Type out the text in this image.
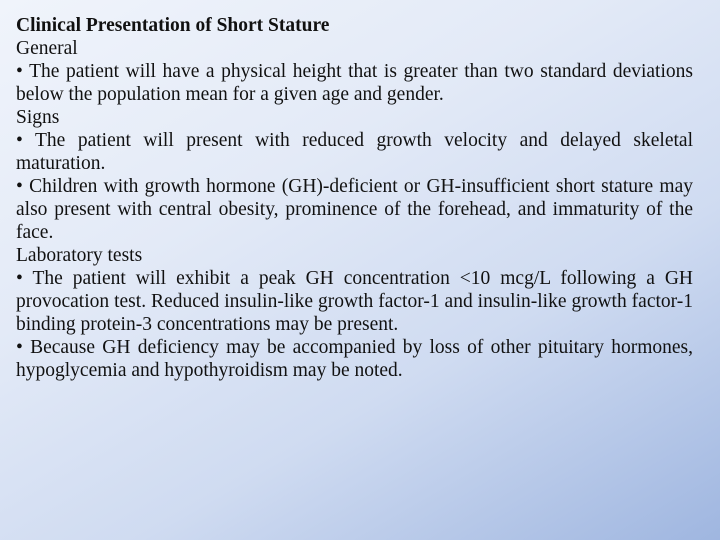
Clinical Presentation of Short Stature

General

• The patient will have a physical height that is greater than two standard deviations below the population mean for a given age and gender.

Signs

• The patient will present with reduced growth velocity and delayed skeletal maturation.

• Children with growth hormone (GH)-deficient or GH-insufficient short stature may also present with central obesity, prominence of the forehead, and immaturity of the face.

Laboratory tests

• The patient will exhibit a peak GH concentration <10 mcg/L following a GH provocation test. Reduced insulin-like growth factor-1 and insulin-like growth factor-1 binding protein-3 concentrations may be present.

• Because GH deficiency may be accompanied by loss of other pituitary hormones, hypoglycemia and hypothyroidism may be noted.
